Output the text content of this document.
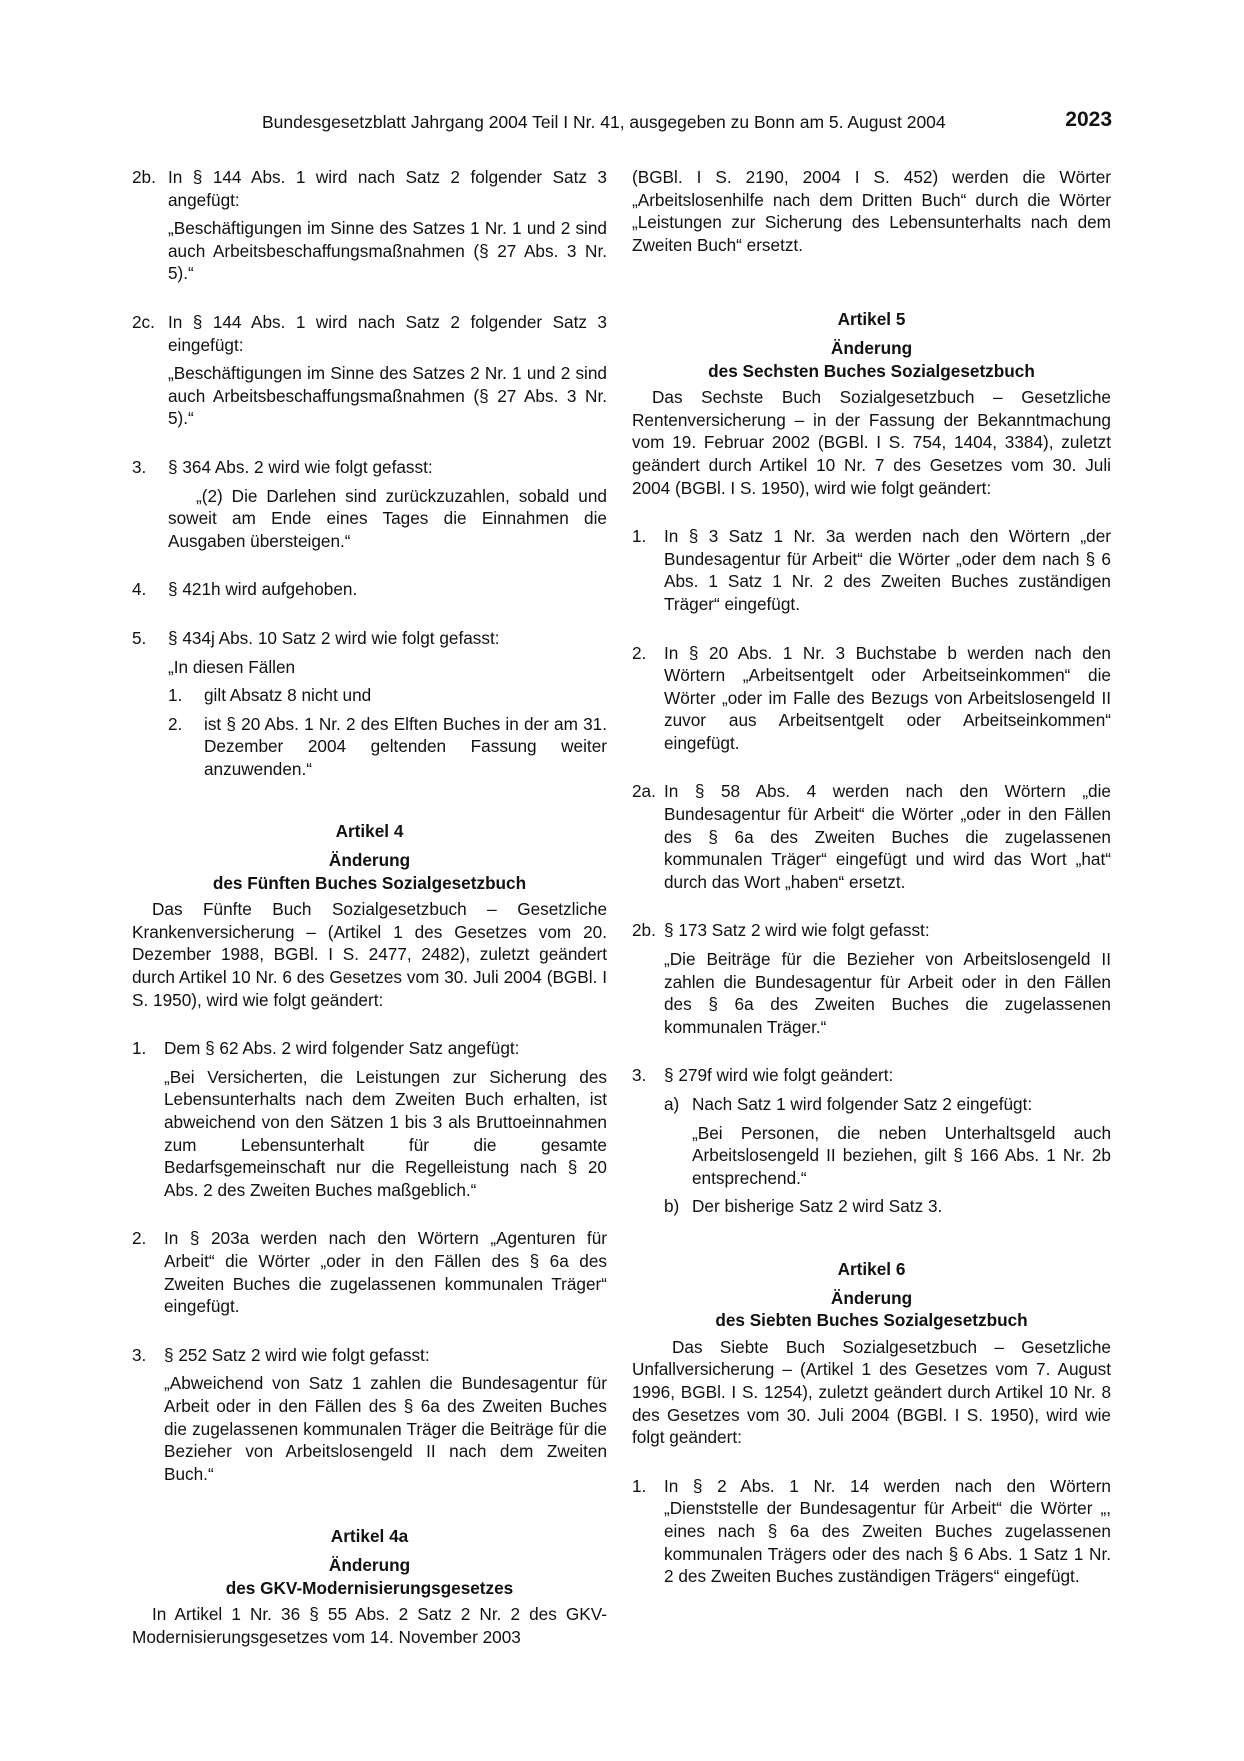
Bundesgesetzblatt Jahrgang 2004 Teil I Nr. 41, ausgegeben zu Bonn am 5. August 2004	2023
2b. In § 144 Abs. 1 wird nach Satz 2 folgender Satz 3 angefügt:

„Beschäftigungen im Sinne des Satzes 1 Nr. 1 und 2 sind auch Arbeitsbeschaffungsmaßnahmen (§ 27 Abs. 3 Nr. 5).“

2c. In § 144 Abs. 1 wird nach Satz 2 folgender Satz 3 eingefügt:

„Beschäftigungen im Sinne des Satzes 2 Nr. 1 und 2 sind auch Arbeitsbeschaffungsmaßnahmen (§ 27 Abs. 3 Nr. 5).“

3.	§ 364 Abs. 2 wird wie folgt gefasst:

„(2) Die Darlehen sind zurückzuzahlen, sobald und soweit am Ende eines Tages die Einnahmen die Ausgaben übersteigen.“

4.	§ 421h wird aufgehoben.

5.	§ 434j Abs. 10 Satz 2 wird wie folgt gefasst:

„In diesen Fällen

1.	gilt Absatz 8 nicht und

2.	ist § 20 Abs. 1 Nr. 2 des Elften Buches in der am 31. Dezember 2004 geltenden Fassung weiter anzuwenden.“

Artikel 4
Änderung
des Fünften Buches Sozialgesetzbuch

Das Fünfte Buch Sozialgesetzbuch – Gesetzliche Krankenversicherung – (Artikel 1 des Gesetzes vom 20. Dezember 1988, BGBl. I S. 2477, 2482), zuletzt geändert durch Artikel 10 Nr. 6 des Gesetzes vom 30. Juli 2004 (BGBl. I S. 1950), wird wie folgt geändert:

1.	Dem § 62 Abs. 2 wird folgender Satz angefügt:

„Bei Versicherten, die Leistungen zur Sicherung des Lebensunterhalts nach dem Zweiten Buch erhalten, ist abweichend von den Sätzen 1 bis 3 als Bruttoeinnahmen zum Lebensunterhalt für die gesamte Bedarfsgemeinschaft nur die Regelleistung nach § 20 Abs. 2 des Zweiten Buches maßgeblich.“

2.	In § 203a werden nach den Wörtern „Agenturen für Arbeit“ die Wörter „oder in den Fällen des § 6a des Zweiten Buches die zugelassenen kommunalen Träger“ eingefügt.

3.	§ 252 Satz 2 wird wie folgt gefasst:

„Abweichend von Satz 1 zahlen die Bundesagentur für Arbeit oder in den Fällen des § 6a des Zweiten Buches die zugelassenen kommunalen Träger die Beiträge für die Bezieher von Arbeitslosengeld II nach dem Zweiten Buch.“

Artikel 4a
Änderung
des GKV-Modernisierungsgesetzes

In Artikel 1 Nr. 36 § 55 Abs. 2 Satz 2 Nr. 2 des GKV-Modernisierungsgesetzes vom 14. November 2003

(BGBl. I S. 2190, 2004 I S. 452) werden die Wörter „Arbeitslosenhilfe nach dem Dritten Buch“ durch die Wörter „Leistungen zur Sicherung des Lebensunterhalts nach dem Zweiten Buch“ ersetzt.

Artikel 5
Änderung
des Sechsten Buches Sozialgesetzbuch

Das Sechste Buch Sozialgesetzbuch – Gesetzliche Rentenversicherung – in der Fassung der Bekanntmachung vom 19. Februar 2002 (BGBl. I S. 754, 1404, 3384), zuletzt geändert durch Artikel 10 Nr. 7 des Gesetzes vom 30. Juli 2004 (BGBl. I S. 1950), wird wie folgt geändert:

1.	In § 3 Satz 1 Nr. 3a werden nach den Wörtern „der Bundesagentur für Arbeit“ die Wörter „oder dem nach § 6 Abs. 1 Satz 1 Nr. 2 des Zweiten Buches zuständigen Träger“ eingefügt.

2.	In § 20 Abs. 1 Nr. 3 Buchstabe b werden nach den Wörtern „Arbeitsentgelt oder Arbeitseinkommen“ die Wörter „oder im Falle des Bezugs von Arbeitslosengeld II zuvor aus Arbeitsentgelt oder Arbeitseinkommen“ eingefügt.

2a. In § 58 Abs. 4 werden nach den Wörtern „die Bundesagentur für Arbeit“ die Wörter „oder in den Fällen des § 6a des Zweiten Buches die zugelassenen kommunalen Träger“ eingefügt und wird das Wort „hat“ durch das Wort „haben“ ersetzt.

2b. § 173 Satz 2 wird wie folgt gefasst:

„Die Beiträge für die Bezieher von Arbeitslosengeld II zahlen die Bundesagentur für Arbeit oder in den Fällen des § 6a des Zweiten Buches die zugelassenen kommunalen Träger.“

3.	§ 279f wird wie folgt geändert:

a) Nach Satz 1 wird folgender Satz 2 eingefügt:

„Bei Personen, die neben Unterhaltsgeld auch Arbeitslosengeld II beziehen, gilt § 166 Abs. 1 Nr. 2b entsprechend.“

b) Der bisherige Satz 2 wird Satz 3.

Artikel 6
Änderung
des Siebten Buches Sozialgesetzbuch

Das Siebte Buch Sozialgesetzbuch – Gesetzliche Unfallversicherung – (Artikel 1 des Gesetzes vom 7. August 1996, BGBl. I S. 1254), zuletzt geändert durch Artikel 10 Nr. 8 des Gesetzes vom 30. Juli 2004 (BGBl. I S. 1950), wird wie folgt geändert:

1.	In § 2 Abs. 1 Nr. 14 werden nach den Wörtern „Dienststelle der Bundesagentur für Arbeit“ die Wörter „, eines nach § 6a des Zweiten Buches zugelassenen kommunalen Trägers oder des nach § 6 Abs. 1 Satz 1 Nr. 2 des Zweiten Buches zuständigen Trägers“ eingefügt.
